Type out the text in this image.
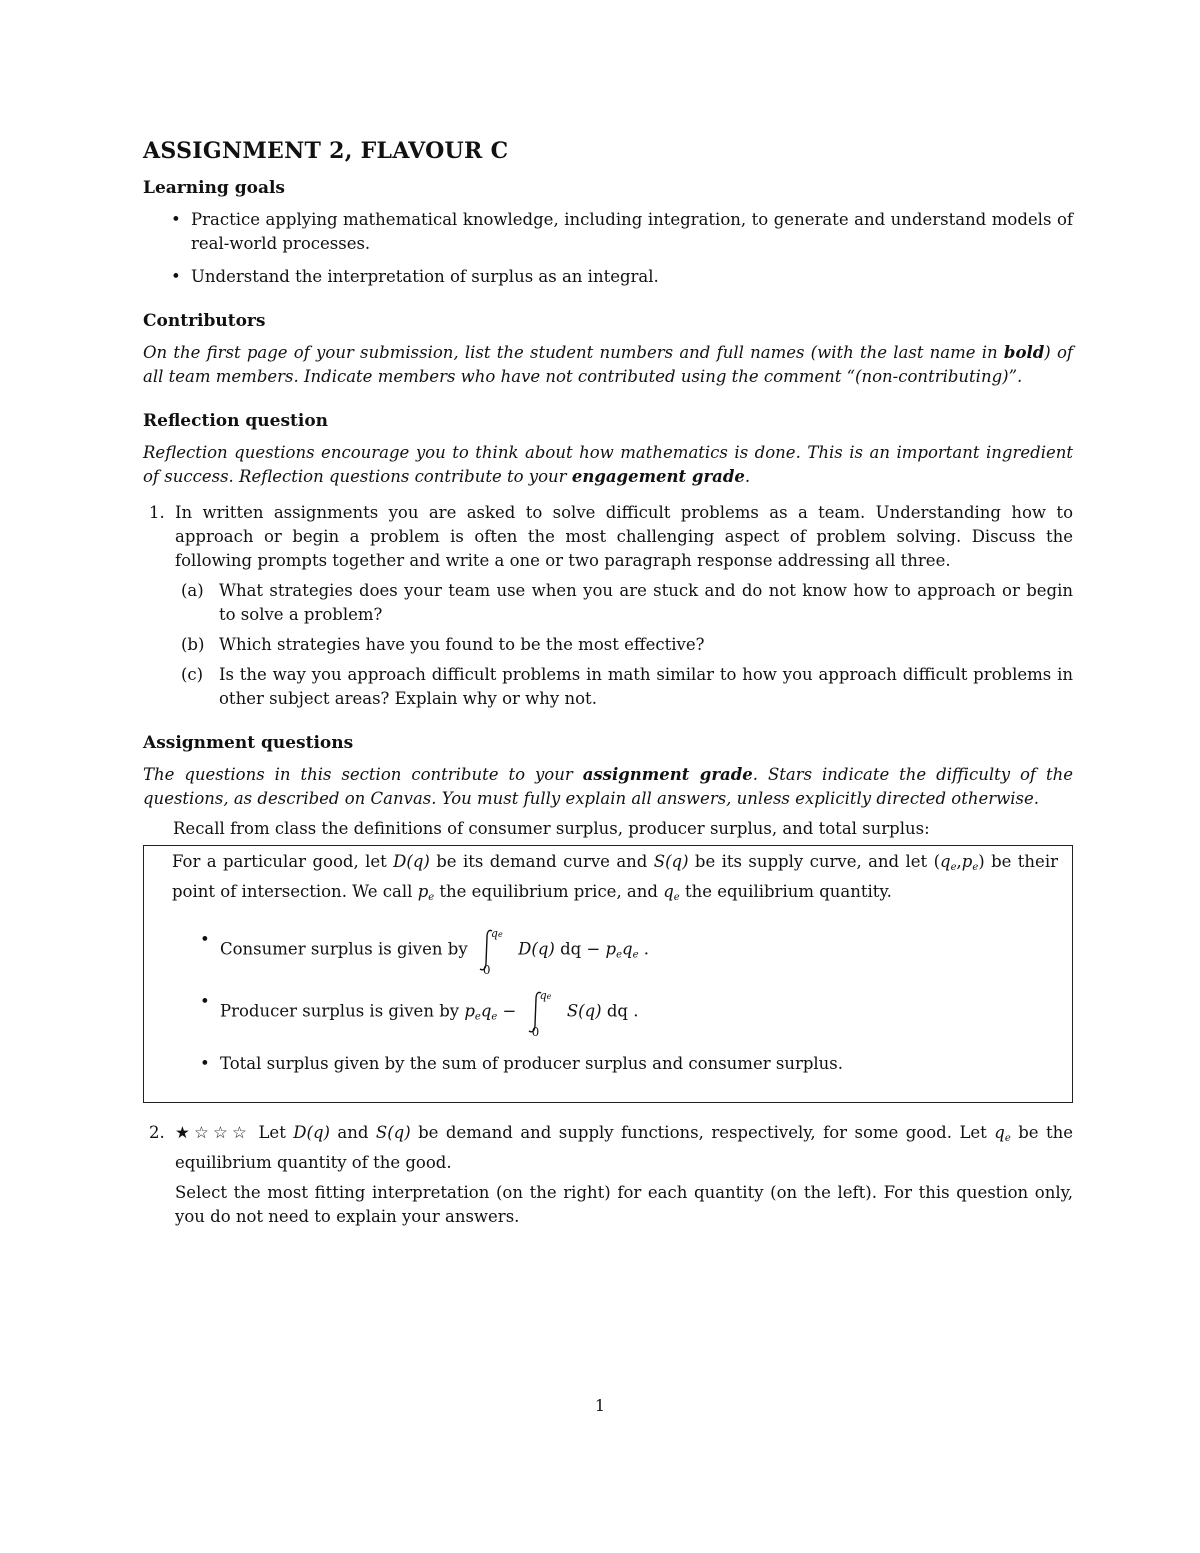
ASSIGNMENT 2, FLAVOUR C
Learning goals
• Practice applying mathematical knowledge, including integration, to generate and understand models of real-world processes.
• Understand the interpretation of surplus as an integral.
Contributors
On the first page of your submission, list the student numbers and full names (with the last name in bold) of all team members. Indicate members who have not contributed using the comment “(non-contributing)”.
Reflection question
Reflection questions encourage you to think about how mathematics is done. This is an important ingredient of success. Reflection questions contribute to your engagement grade.
1. In written assignments you are asked to solve difficult problems as a team. Understanding how to approach or begin a problem is often the most challenging aspect of problem solving. Discuss the following prompts together and write a one or two paragraph response addressing all three.
(a) What strategies does your team use when you are stuck and do not know how to approach or begin to solve a problem?
(b) Which strategies have you found to be the most effective?
(c) Is the way you approach difficult problems in math similar to how you approach difficult problems in other subject areas? Explain why or why not.
Assignment questions
The questions in this section contribute to your assignment grade. Stars indicate the difficulty of the questions, as described on Canvas. You must fully explain all answers, unless explicitly directed otherwise.
Recall from class the definitions of consumer surplus, producer surplus, and total surplus:
For a particular good, let D(q) be its demand curve and S(q) be its supply curve, and let (qe,pe) be their point of intersection. We call pe the equilibrium price, and qe the equilibrium quantity.
• Consumer surplus is given by
qe
0
D(q) dq − peqe .
• Producer surplus is given by peqe −
qe
0
S(q) dq .
• Total surplus given by the sum of producer surplus and consumer surplus.
2. ★☆☆☆ Let D(q) and S(q) be demand and supply functions, respectively, for some good. Let qe be the equilibrium quantity of the good.
Select the most fitting interpretation (on the right) for each quantity (on the left). For this question only, you do not need to explain your answers.
1
